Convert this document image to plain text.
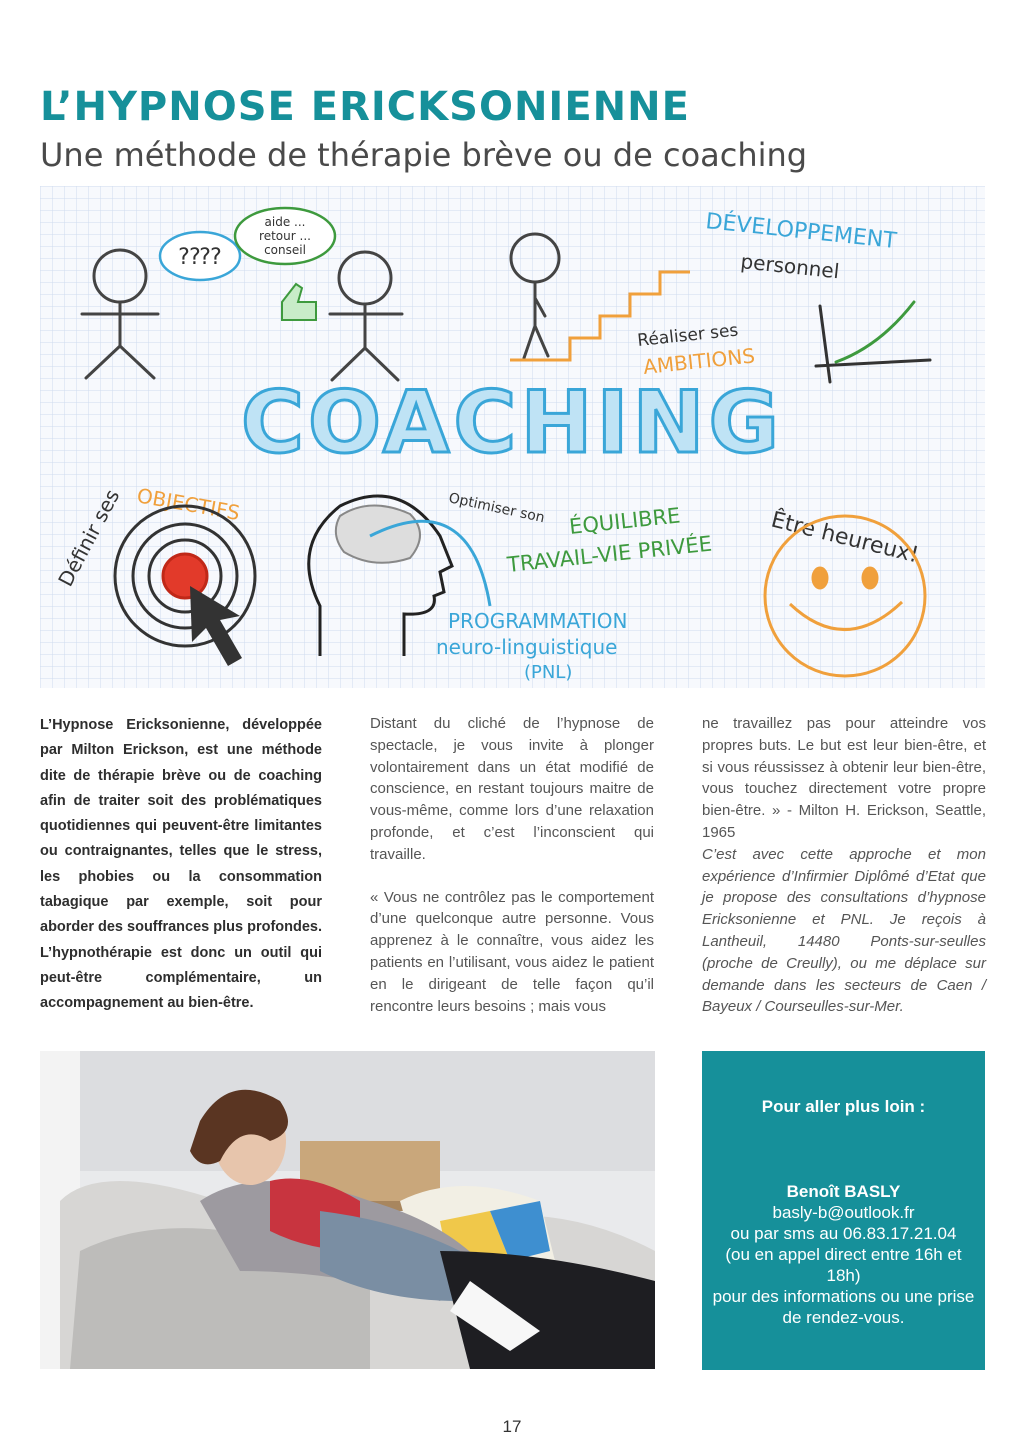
L’HYPNOSE ERICKSONIENNE
Une méthode de thérapie brève ou de coaching
?⁇?
aide ...
retour ...
conseil	DÉVELOPPEMENT
personnel
Réaliser ses
AMBITIONS
COACHING
Définir ses OBJECTIFS	Optimiser son ÉQUILIBRE
TRAVAIL-VIE PRIVÉE
PROGRAMMATION
neuro-linguistique
(PNL)
Être heureux!

L’Hypnose Ericksonienne, développée par Milton Erickson, est une méthode dite de thérapie brève ou de coaching afin de traiter soit des problématiques quotidiennes qui peuvent-être limitantes ou contraignantes, telles que le stress, les phobies ou la consommation tabagique par exemple, soit pour aborder des souffrances plus profondes. L’hypnothérapie est donc un outil qui peut-être complémentaire, un accompagnement au bien-être.

Distant du cliché de l’hypnose de spectacle, je vous invite à plonger volontairement dans un état modifié de conscience, en restant toujours maitre de vous-même, comme lors d’une relaxation profonde, et c’est l’inconscient qui travaille.

« Vous ne contrôlez pas le comportement d’une quelconque autre personne. Vous apprenez à le connaître, vous aidez les patients en l’utilisant, vous aidez le patient en le dirigeant de telle façon qu’il rencontre leurs besoins ; mais vous

ne travaillez pas pour atteindre vos propres buts. Le but est leur bien-être, et si vous réussissez à obtenir leur bien-être, vous touchez directement votre propre bien-être. » - Milton H. Erickson, Seattle, 1965

C’est avec cette approche et mon expérience d’Infirmier Diplômé d’Etat que je propose des consultations d’hypnose Ericksonienne et PNL. Je reçois à Lantheuil, 14480 Ponts-sur-seulles (proche de Creully), ou me déplace sur demande dans les secteurs de Caen / Bayeux / Courseulles-sur-Mer.

Pour aller plus loin :
Benoît BASLY
basly-b@outlook.fr
ou par sms au 06.83.17.21.04
(ou en appel direct entre 16h et 18h)
pour des informations ou une prise de rendez-vous.
17
